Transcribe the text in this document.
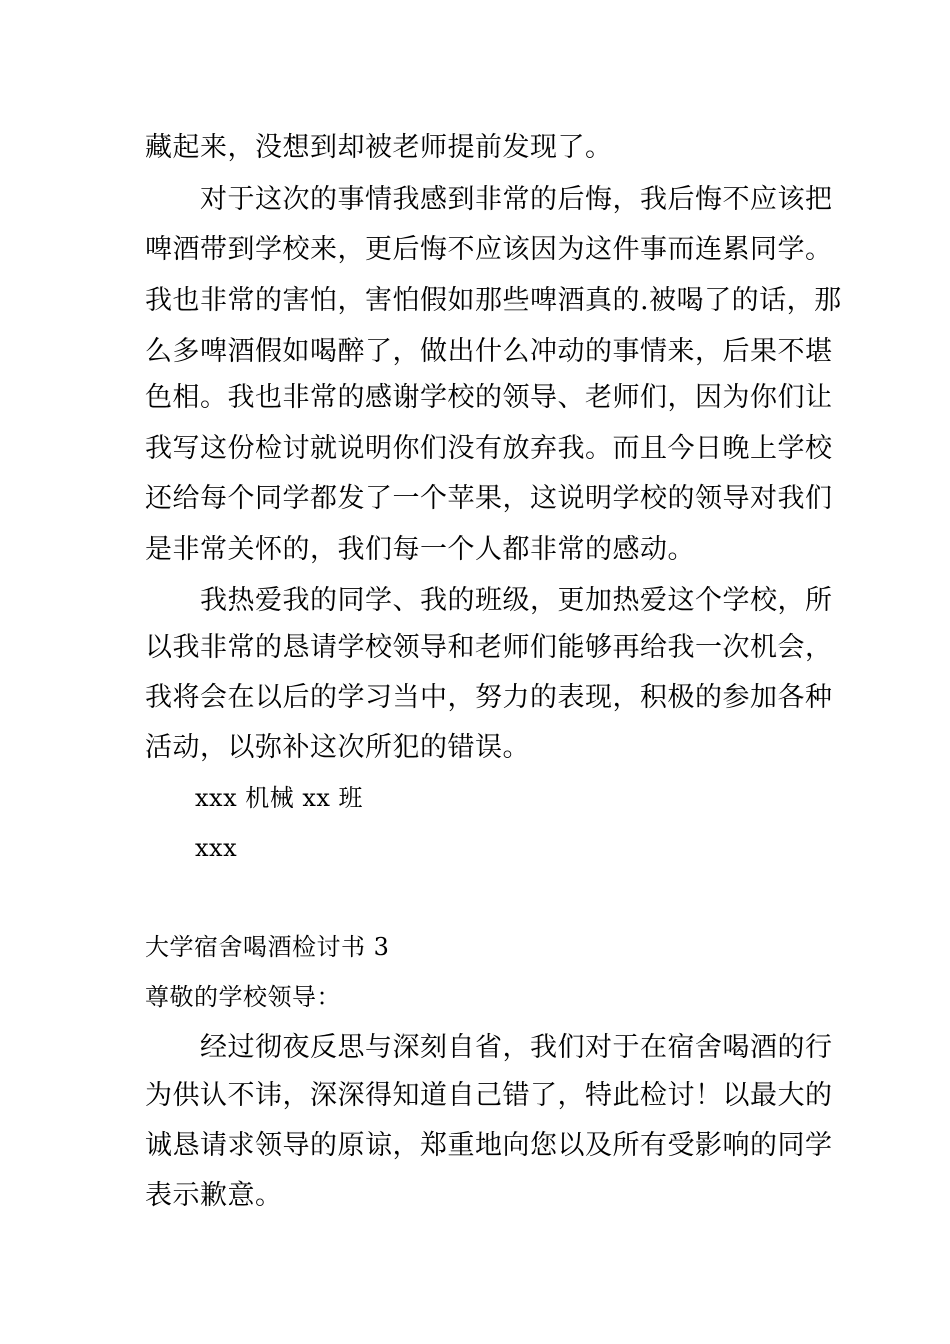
藏起来，没想到却被老师提前发现了。
对于这次的事情我感到非常的后悔，我后悔不应该把
啤酒带到学校来，更后悔不应该因为这件事而连累同学。
我也非常的害怕，害怕假如那些啤酒真的.被喝了的话，那
么多啤酒假如喝醉了，做出什么冲动的事情来，后果不堪
色相。我也非常的感谢学校的领导、老师们，因为你们让
我写这份检讨就说明你们没有放弃我。而且今日晚上学校
还给每个同学都发了一个苹果，这说明学校的领导对我们
是非常关怀的，我们每一个人都非常的感动。
我热爱我的同学、我的班级，更加热爱这个学校，所
以我非常的恳请学校领导和老师们能够再给我一次机会，
我将会在以后的学习当中，努力的表现，积极的参加各种
活动，以弥补这次所犯的错误。
xxx 机械 xx 班
xxx
大学宿舍喝酒检讨书 3
尊敬的学校领导：
经过彻夜反思与深刻自省，我们对于在宿舍喝酒的行
为供认不讳，深深得知道自己错了，特此检讨！以最大的
诚恳请求领导的原谅，郑重地向您以及所有受影响的同学
表示歉意。
